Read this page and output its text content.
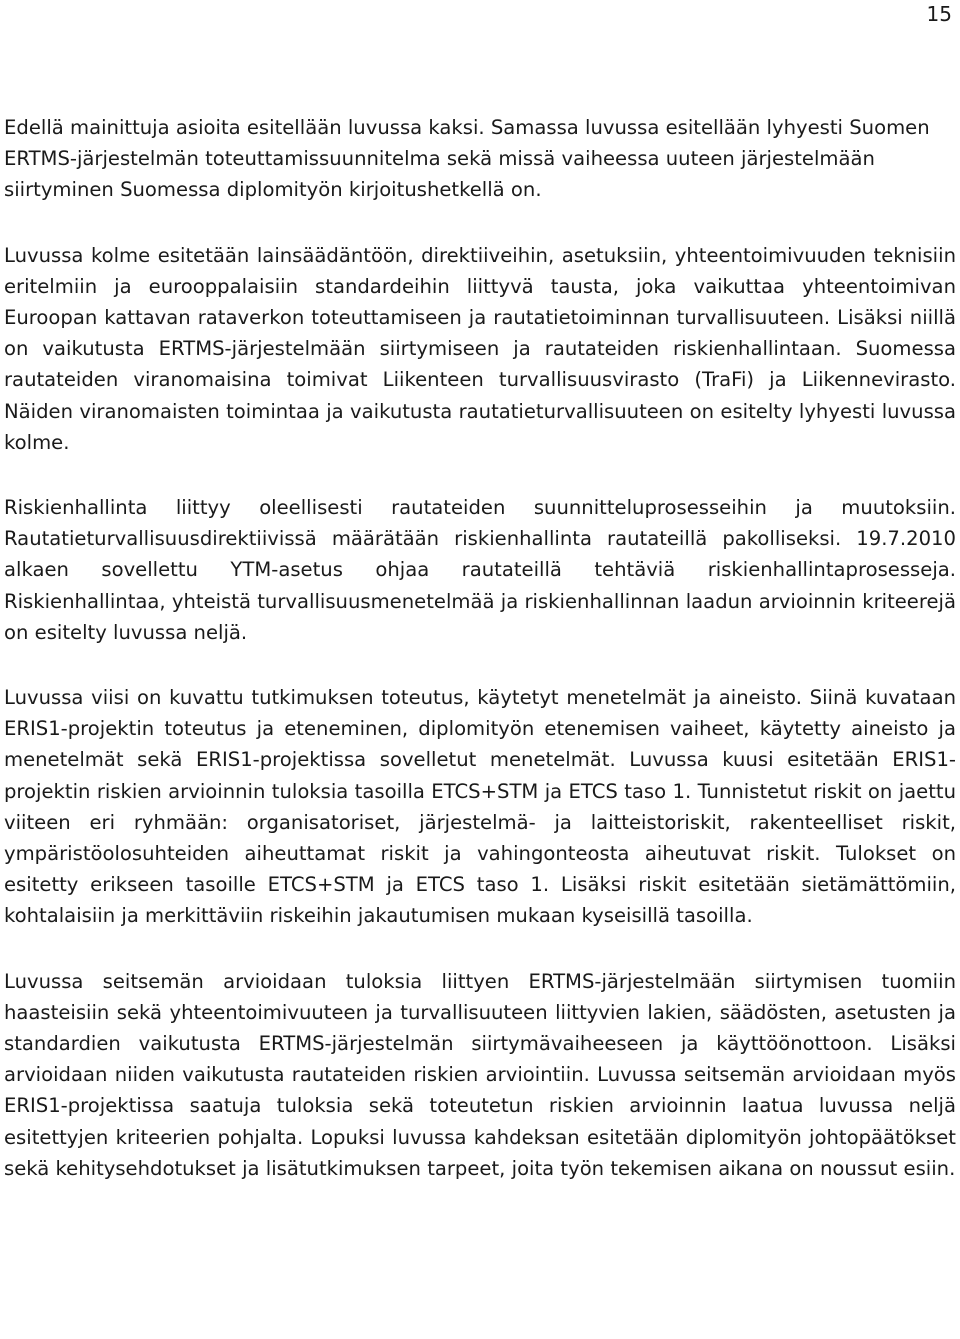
15

Edellä mainittuja asioita esitellään luvussa kaksi. Samassa luvussa esitellään lyhyesti Suomen ERTMS-järjestelmän toteuttamissuunnitelma sekä missä vaiheessa uuteen järjestelmään siirtyminen Suomessa diplomityön kirjoitushetkellä on.

Luvussa kolme esitetään lainsäädäntöön, direktiiveihin, asetuksiin, yhteentoimivuuden teknisiin eritelmiin ja eurooppalaisiin standardeihin liittyvä tausta, joka vaikuttaa yhteentoimivan Euroopan kattavan rataverkon toteuttamiseen ja rautatietoiminnan turvallisuuteen. Lisäksi niillä on vaikutusta ERTMS-järjestelmään siirtymiseen ja rautateiden riskienhallintaan. Suomessa rautateiden viranomaisina toimivat Liikenteen turvallisuusvirasto (TraFi) ja Liikennevirasto. Näiden viranomaisten toimintaa ja vaikutusta rautatieturvallisuuteen on esitelty lyhyesti luvussa kolme.

Riskienhallinta liittyy oleellisesti rautateiden suunnitteluprosesseihin ja muutoksiin. Rautatieturvallisuusdirektiivissä määrätään riskienhallinta rautateillä pakolliseksi. 19.7.2010 alkaen sovellettu YTM-asetus ohjaa rautateillä tehtäviä riskienhallintaprosesseja. Riskienhallintaa, yhteistä turvallisuusmenetelmää ja riskienhallinnan laadun arvioinnin kriteerejä on esitelty luvussa neljä.

Luvussa viisi on kuvattu tutkimuksen toteutus, käytetyt menetelmät ja aineisto. Siinä kuvataan ERIS1-projektin toteutus ja eteneminen, diplomityön etenemisen vaiheet, käytetty aineisto ja menetelmät sekä ERIS1-projektissa sovelletut menetelmät. Luvussa kuusi esitetään ERIS1-projektin riskien arvioinnin tuloksia tasoilla ETCS+STM ja ETCS taso 1. Tunnistetut riskit on jaettu viiteen eri ryhmään: organisatoriset, järjestelmä- ja laitteistoriskit, rakenteelliset riskit, ympäristöolosuhteiden aiheuttamat riskit ja vahingonteosta aiheutuvat riskit. Tulokset on esitetty erikseen tasoille ETCS+STM ja ETCS taso 1. Lisäksi riskit esitetään sietämättömiin, kohtalaisiin ja merkittäviin riskeihin jakautumisen mukaan kyseisillä tasoilla.

Luvussa seitsemän arvioidaan tuloksia liittyen ERTMS-järjestelmään siirtymisen tuomiin haasteisiin sekä yhteentoimivuuteen ja turvallisuuteen liittyvien lakien, säädösten, asetusten ja standardien vaikutusta ERTMS-järjestelmän siirtymävaiheeseen ja käyttöönottoon. Lisäksi arvioidaan niiden vaikutusta rautateiden riskien arviointiin. Luvussa seitsemän arvioidaan myös ERIS1-projektissa saatuja tuloksia sekä toteutetun riskien arvioinnin laatua luvussa neljä esitettyjen kriteerien pohjalta. Lopuksi luvussa kahdeksan esitetään diplomityön johtopäätökset sekä kehitysehdotukset ja lisätutkimuksen tarpeet, joita työn tekemisen aikana on noussut esiin.
